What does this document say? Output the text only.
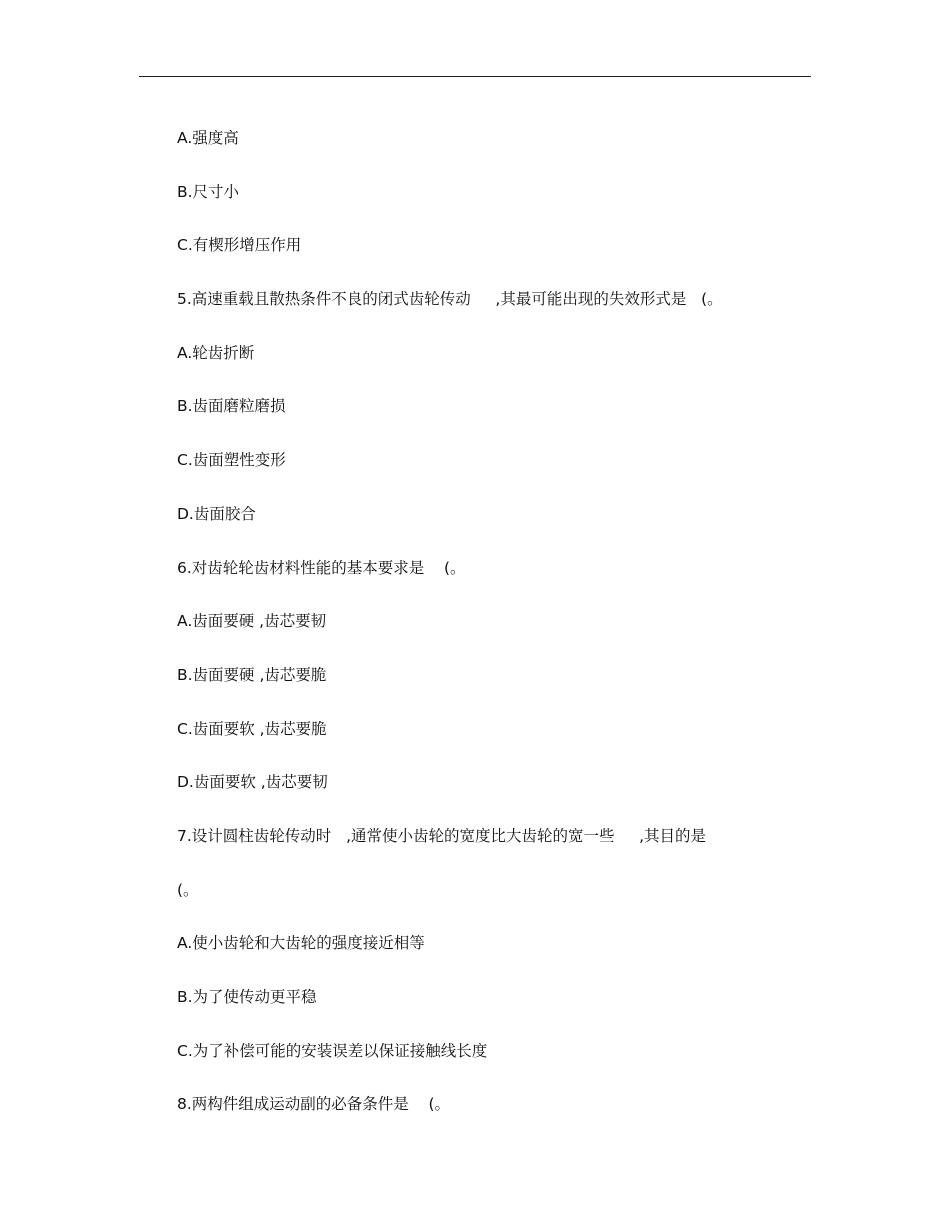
A.强度高
B.尺寸小
C.有楔形增压作用
5.高速重载且散热条件不良的闭式齿轮传动     ,其最可能出现的失效形式是   (。
A.轮齿折断
B.齿面磨粒磨损
C.齿面塑性变形
D.齿面胶合
6.对齿轮轮齿材料性能的基本要求是    (。
A.齿面要硬 ,齿芯要韧
B.齿面要硬 ,齿芯要脆
C.齿面要软 ,齿芯要脆
D.齿面要软 ,齿芯要韧
7.设计圆柱齿轮传动时   ,通常使小齿轮的宽度比大齿轮的宽一些     ,其目的是
(。
A.使小齿轮和大齿轮的强度接近相等
B.为了使传动更平稳
C.为了补偿可能的安装误差以保证接触线长度
8.两构件组成运动副的必备条件是    (。
